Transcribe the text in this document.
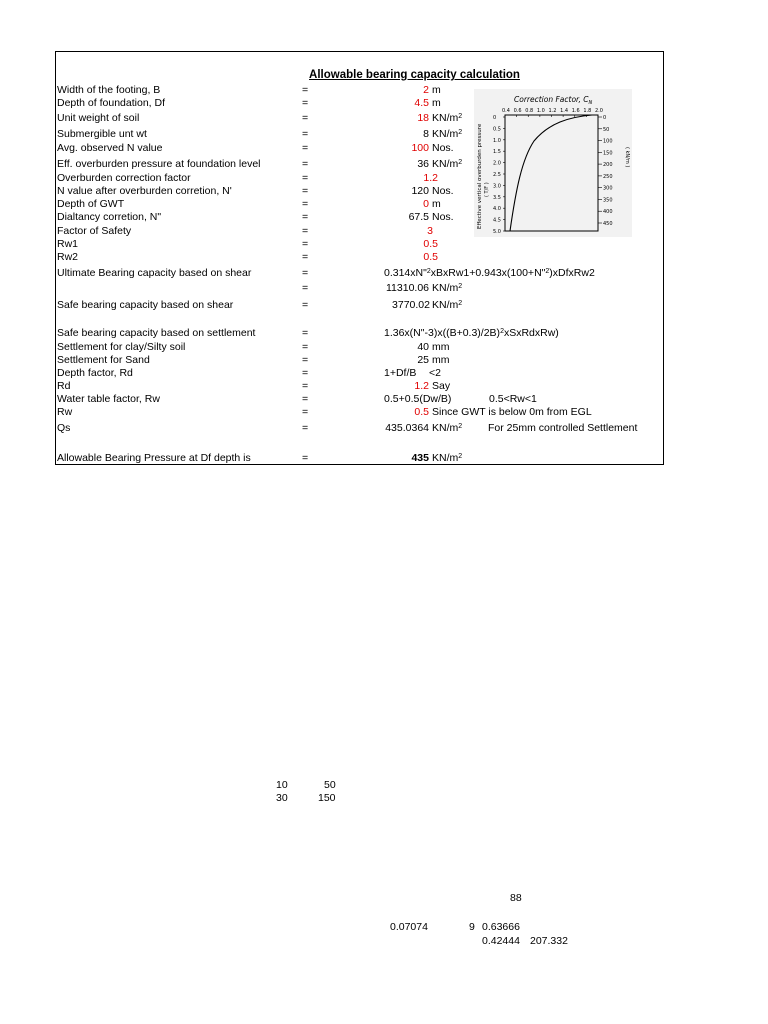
Allowable bearing capacity calculation
Width of the footing, B	=	2 m
Depth of foundation, Df	=	4.5 m
Unit weight of soil	=	18 $KN/m^2$
Submergible unt wt	=	8 $KN/m^2$
Avg. observed N value	=	100 Nos.
Eff. overburden pressure at foundation level	=	36 $KN/m^2$
Overburden correction factor	=	1.2
N value after overburden corretion, N'	=	120 Nos.
Depth of GWT	=	0 m
Dialtancy corretion, N"	=	67.5 Nos.
Factor of Safety	=	3
Rw1	=	0.5
Rw2	=	0.5
Ultimate Bearing capacity based on shear	=	0.314xN"$^2$xBxRw1+0.943x(100+N"$^2$)xDfxRw2
=	11310.06 $KN/m^2$
Safe bearing capacity based on shear	=	3770.02 $KN/m^2$
Safe bearing capacity based on settlement	=	$1.36x(N"-3)x((B+0.3)/2B)^2xSxRdxRw$)
Settlement for clay/Silty soil	=	40 mm
Settlement for Sand	=	25 mm
Depth factor, Rd	=	1+Df/B <2
Rd	=	1.2 Say
Water table factor, Rw	=	0.5+0.5(Dw/B)	0.5<Rw<1
Rw	=	0.5 Since GWT is below 0m from EGL
Qs	=	435.0364 $KN/m^2$ For 25mm controlled Settlement
Allowable Bearing Pressure at Df depth is	=	435 $KN/m^2$
Correction Factor, $C_N$
0.4 0.6 0.8 1.0 1.2 1.4 1.6 1.8 2.0
0
0.5
1.0
1.5
2.0
2.5
3.0
3.5
4.0
4.5
5.0
0
50
100
150
200
250
300
350
400
450
Effective vertical overburden pressure ( T/F )
( kN/m )
10	50
30	150
88
0.07074	9 0.63666
0.42444 207.332
